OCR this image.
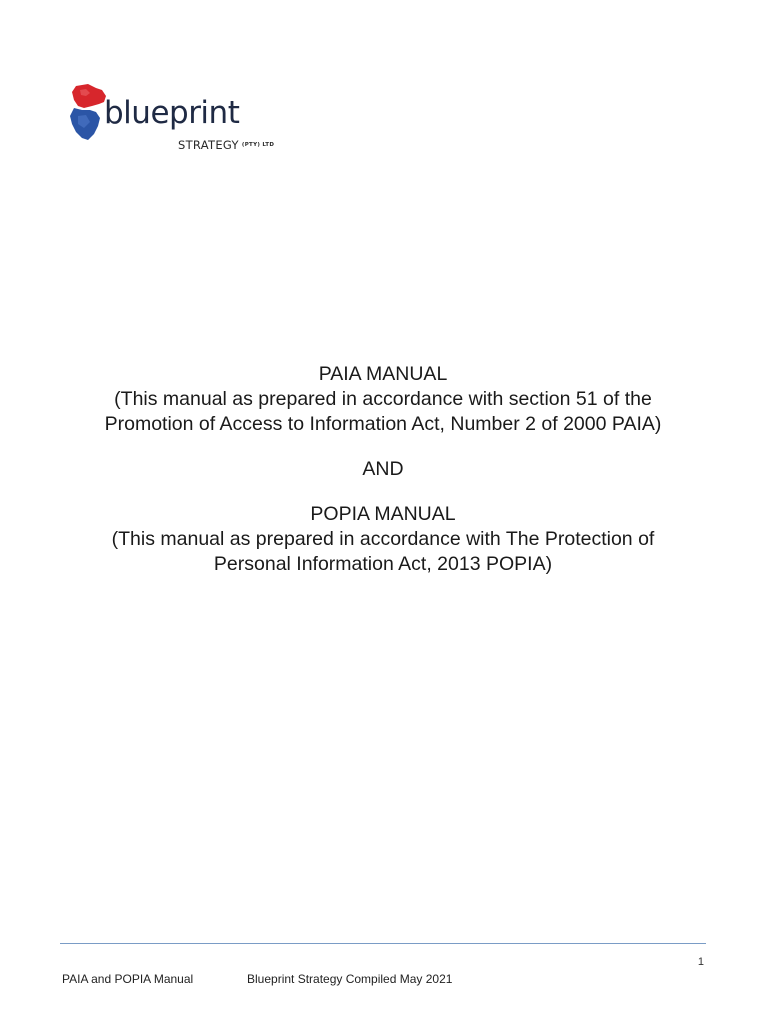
blueprint
STRATEGY (PTY) LTD

PAIA MANUAL

(This manual as prepared in accordance with section 51 of the

Promotion of Access to Information Act, Number 2 of 2000 PAIA)

AND

POPIA MANUAL

(This manual as prepared in accordance with The Protection of

Personal Information Act, 2013 POPIA)

1
PAIA and POPIA Manual	Blueprint Strategy Compiled May 2021
